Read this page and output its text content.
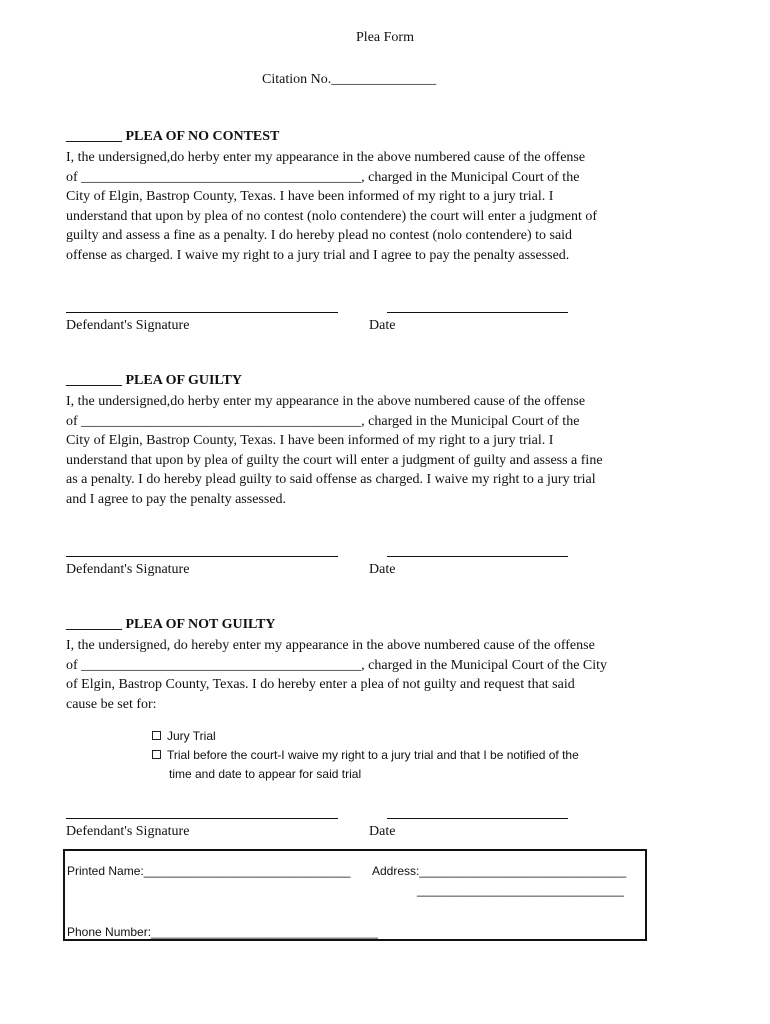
Plea Form
Citation No._______________
________ PLEA OF NO CONTEST
I, the undersigned,do herby enter my appearance in the above numbered cause of the offense
of ________________________________________, charged in the Municipal Court of the
City of Elgin, Bastrop County, Texas. I have been informed of my right to a jury trial. I
understand that upon by plea of no contest (nolo contendere) the court will enter a judgment of
guilty and assess a fine as a penalty. I do hereby plead no contest (nolo contendere) to said
offense as charged. I waive my right to a jury trial and I agree to pay the penalty assessed.
Defendant's Signature	Date
________ PLEA OF GUILTY
I, the undersigned,do herby enter my appearance in the above numbered cause of the offense
of ________________________________________, charged in the Municipal Court of the
City of Elgin, Bastrop County, Texas. I have been informed of my right to a jury trial. I
understand that upon by plea of guilty the court will enter a judgment of guilty and assess a fine
as a penalty. I do hereby plead guilty to said offense as charged. I waive my right to a jury trial
and I agree to pay the penalty assessed.
Defendant's Signature	Date
________ PLEA OF NOT GUILTY
I, the undersigned, do hereby enter my appearance in the above numbered cause of the offense
of ________________________________________, charged in the Municipal Court of the City
of Elgin, Bastrop County, Texas. I do hereby enter a plea of not guilty and request that said
cause be set for:
Jury Trial
Trial before the court-I waive my right to a jury trial and that I be notified of the
time and date to appear for said trial
Defendant's Signature	Date
Printed Name:_______________________________ Address:_______________________________
_______________________________
Phone Number:__________________________________
